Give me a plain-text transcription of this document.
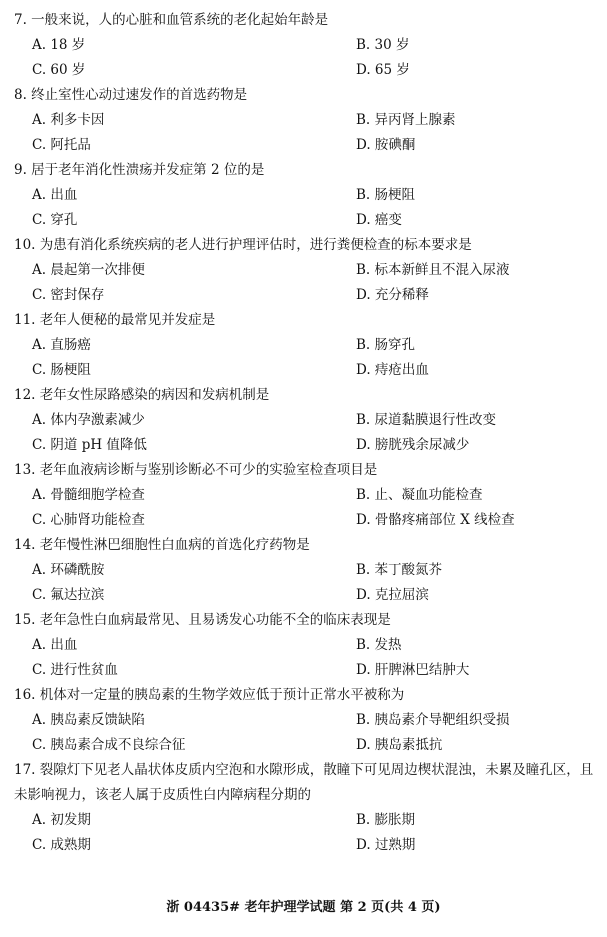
7. 一般来说，人的心脏和血管系统的老化起始年龄是
A. 18 岁	B. 30 岁
C. 60 岁	D. 65 岁
8. 终止室性心动过速发作的首选药物是
A. 利多卡因	B. 异丙肾上腺素
C. 阿托品	D. 胺碘酮
9. 居于老年消化性溃疡并发症第 2 位的是
A. 出血	B. 肠梗阻
C. 穿孔	D. 癌变
10. 为患有消化系统疾病的老人进行护理评估时，进行粪便检查的标本要求是
A. 晨起第一次排便	B. 标本新鲜且不混入尿液
C. 密封保存	D. 充分稀释
11. 老年人便秘的最常见并发症是
A. 直肠癌	B. 肠穿孔
C. 肠梗阻	D. 痔疮出血
12. 老年女性尿路感染的病因和发病机制是
A. 体内孕激素减少	B. 尿道黏膜退行性改变
C. 阴道 pH 值降低	D. 膀胱残余尿减少
13. 老年血液病诊断与鉴别诊断必不可少的实验室检查项目是
A. 骨髓细胞学检查	B. 止、凝血功能检查
C. 心肺肾功能检查	D. 骨骼疼痛部位 X 线检查
14. 老年慢性淋巴细胞性白血病的首选化疗药物是
A. 环磷酰胺	B. 苯丁酸氮芥
C. 氟达拉滨	D. 克拉屈滨
15. 老年急性白血病最常见、且易诱发心功能不全的临床表现是
A. 出血	B. 发热
C. 进行性贫血	D. 肝脾淋巴结肿大
16. 机体对一定量的胰岛素的生物学效应低于预计正常水平被称为
A. 胰岛素反馈缺陷	B. 胰岛素介导靶组织受损
C. 胰岛素合成不良综合征	D. 胰岛素抵抗
17. 裂隙灯下见老人晶状体皮质内空泡和水隙形成，散瞳下可见周边楔状混浊，未累及瞳孔区，且未影响视力，该老人属于皮质性白内障病程分期的
A. 初发期	B. 膨胀期
C. 成熟期	D. 过熟期
浙 04435# 老年护理学试题 第 2 页(共 4 页)
